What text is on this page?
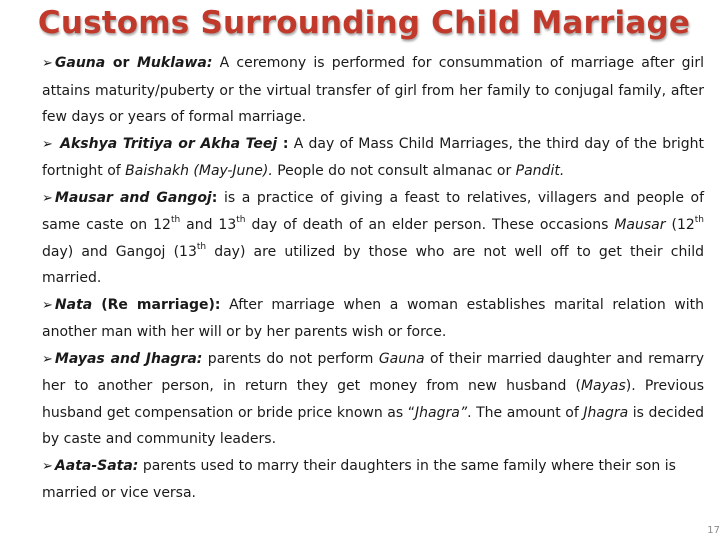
Customs Surrounding Child Marriage

➢ Gauna or Muklawa: A ceremony is performed for consummation of marriage after girl attains maturity/puberty or the virtual transfer of girl from her family to conjugal family, after few days or years of formal marriage.

➢ Akshya Tritiya or Akha Teej : A day of Mass Child Marriages, the third day of the bright fortnight of Baishakh (May-June). People do not consult almanac or Pandit.

➢ Mausar and Gangoj: is a practice of giving a feast to relatives, villagers and people of same caste on 12th and 13th day of death of an elder person. These occasions Mausar (12th day) and Gangoj (13th day) are utilized by those who are not well off to get their child married.

➢ Nata (Re marriage): After marriage when a woman establishes marital relation with another man with her will or by her parents wish or force.

➢ Mayas and Jhagra: parents do not perform Gauna of their married daughter and remarry her to another person, in return they get money from new husband (Mayas). Previous husband get compensation or bride price known as “Jhagra”. The amount of Jhagra is decided by caste and community leaders.

➢ Aata-Sata: parents used to marry their daughters in the same family where their son is married or vice versa.

17
